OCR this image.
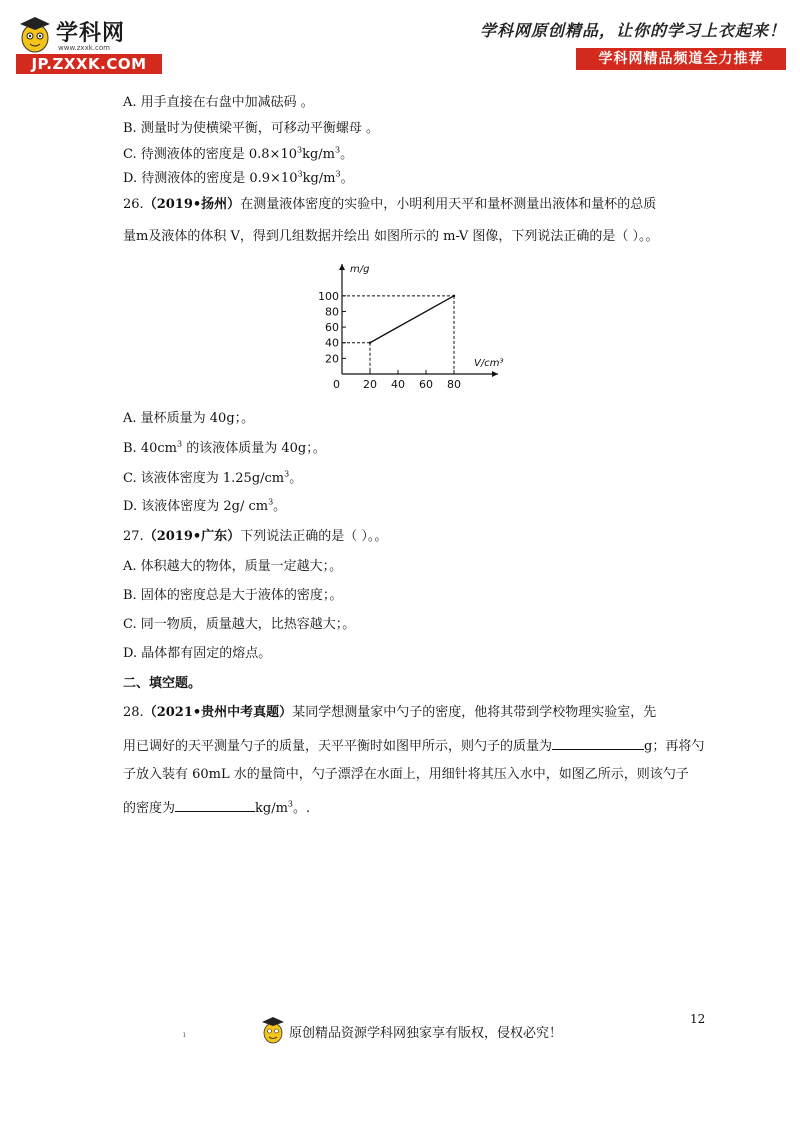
学科网
www.zxxk.com
JP.ZXXK.COM
学科网原创精品，让你的学习上衣起来！
学科网精品频道全力推荐
A. 用手直接在右盘中加减砝码 。
B. 测量时为使横梁平衡，可移动平衡螺母 。
C. 待测液体的密度是 $0.8\times 10^3kg/m^3$。
D. 待测液体的密度是 $0.9\times 10^3kg/m^3$。
26.（2019•扬州）在测量液体密度的实验中，小明利用天平和量杯测量出液体和量杯的总质
量m及液体的体积 V，得到几组数据并绘出 如图所示的 m-V 图像，下列说法正确的是（ ）。。
20
40
60
80
100
0 20 40 60 80
m/g
V/cm³
A. 量杯质量为 40g；。
B. $40cm^3$ 的该液体质量为 40g；。
C. 该液体密度为 $1.25g/cm^3$。
D. 该液体密度为 2g/ $cm^3$。
27.（2019•广东）下列说法正确的是（ ）。。
A. 体积越大的物体，质量一定越大；。
B. 固体的密度总是大于液体的密度；。
C. 同一物质，质量越大，比热容越大；。
D. 晶体都有固定的熔点。
二、填空题。
28.（2021•贵州中考真题）某同学想测量家中勺子的密度，他将其带到学校物理实验室，先
用已调好的天平测量勺子的质量，天平平衡时如图甲所示，则勺子的质量为	g；再将勺
子放入装有 60mL 水的量筒中，勺子漂浮在水面上，用细针将其压入水中，如图乙所示，则该勺子
的密度为	$kg/m^3$。.
12
ı	原创精品资源学科网独家享有版权，侵权必究！
